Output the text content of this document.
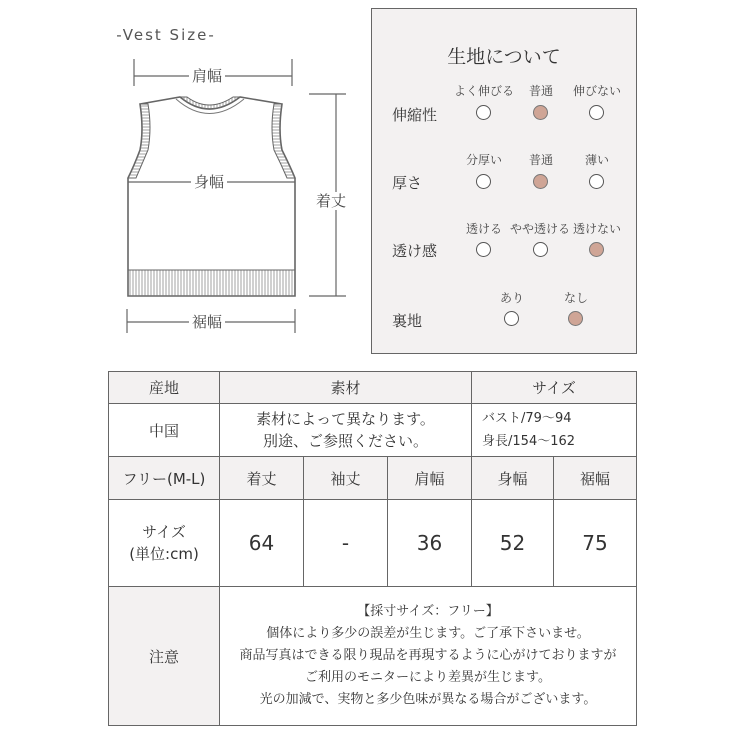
-Vest Size-
肩幅
身幅
着丈
裾幅
生地について
伸縮性
よく伸びる	普通	伸びない
厚さ
分厚い	普通	薄い
透け感
透ける やや透ける 透けない
裏地
あり	なし
産地	素材			サイズ	
中国	素材によって異なります。
別途、ご参照ください。			バスト/79～94
身長/154～162	

フリー(M-L)	着丈	袖丈	肩幅	身幅	裾幅

サイズ
(単位:cm)	64	-	36	52	75
注意	【採寸サイズ：フリー】
個体により多少の誤差が生じます。ご了承下さいませ。
商品写真はできる限り現品を再現するように心がけておりますが
ご利用のモニターにより差異が生じます。
光の加減で、実物と多少色味が異なる場合がございます。				
